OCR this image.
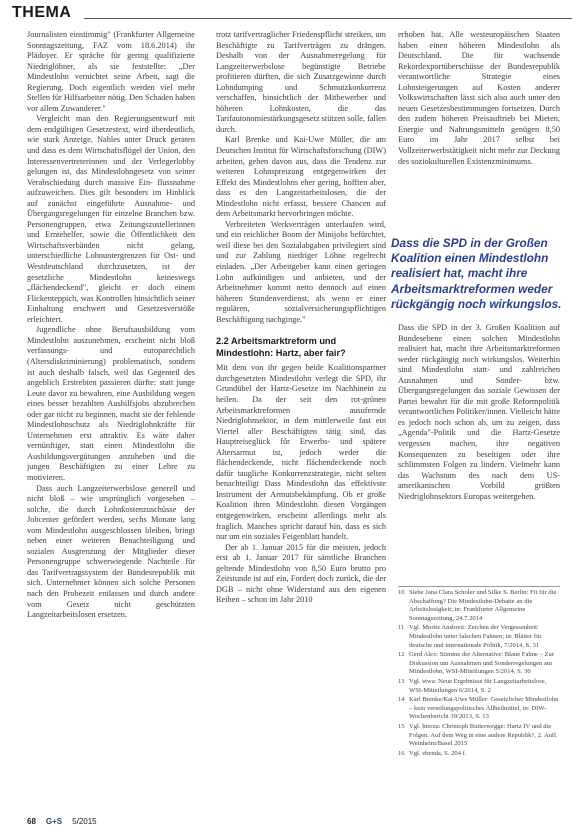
THEMA

Journalisten einstimmig" (Frankfurter Allgemeine Sonntagszeitung, FAZ vom 18.6.2014) ihr Plädoyer. Er spräche für gering qualifizierte Niedriglöhner, als sie feststellte: „Der Mindestlohn vernichtet seine Arbeit, sagt die Regierung. Doch eigentlich werden viel mehr Stellen für Hilfsarbeiter nötig. Den Schaden haben vor allem Zuwanderer."

Vergleicht man den Regierungsentwurf mit dem endgültigen Gesetzestext, wird überdeutlich, wie stark Anzeige, Nahles unter Druck geraten und dass es dem Wirtschaftsflügel der Union, den Interessenvertreterinnen und der Verlegerlobby gelungen ist, das Mindestlohngesetz von seiner Verabschiedung durch massive Ein- flussnahme aufzuweichen. Dies gilt besonders im Hinblick auf zunächst eingeführte Ausnahme- und Übergangsregelungen für einzelne Branchen bzw. Personengruppen, etwa Zeitungszustellerinnen und Erntehelfer, sowie die Öffentlichkeit den Wirtschaftsverbänden nicht gelang, unterschiedliche Lohnuntergrenzen für Ost- und Westdeutschland durchzusetzen, ist der gesetzliche Mindestlohn keineswegs „flächendeckend", gleicht er doch einem Flickenteppich, was Kontrollen hinsichtlich seiner Einhaltung erschwert und Gesetzesverstöße erleichtert.

Jugendliche ohne Berufsausbildung vom Mindestlohn auszunehmen, erscheint nicht bloß verfassungs- und europarechtlich (Altersdiskriminierung) problematisch, sondern ist auch deshalb falsch, weil das Gegenteil des angeblich Erstrebten passieren dürfte: statt junge Leute davor zu bewahren, eine Ausbildung wegen eines besser bezahlten Aushilfsjobs abzubrechen oder gar nicht zu beginnen, macht sie der fehlende Mindestlohnschutz als Niedriglohnkräfte für Unternehmen erst attraktiv. Es wäre daher vernünftiger, statt einen Mindestlohn die Ausbildungsvergütungen anzuheben und die jungen Beschäftigten zu einer Lehre zu motivieren.

Dass auch Langzeiterwerbslose generell und nicht bloß – wie ursprünglich vorgesehen – solche, die durch Lohnkostenzuschüsse der Jobcenter gefördert werden, sechs Monate lang vom Mindestlohn ausgeschlossen bleiben, bringt neben einer weiteren Benachteiligung und sozialen Ausgrenzung der Mitglieder dieser Personengruppe schwerwiegende Nachteile für das Tarifvertragssystem der Bundesrepublik mit sich. Unternehmer können sich solche Personen nach den Probezeit entlassen und durch andere vom Gesetz nicht geschützten Langzeitarbeitslosen ersetzen.

trotz tarifvertraglicher Friedenspflicht streiken, um Beschäftigte zu Tarifverträgen zu drängen. Deshalb von der Ausnahmeregelung für Langzeiterwerbslose begünstigte Betriebe profitieren dürften, die sich Zusatzgewinne durch Lohndumping und Schmutzkonkurrenz verschaffen, hinsichtlich der Mitbewerber und höheren Lohnkosten, die das Tarifautonomiestärkungsgesetz stützen solle, fallen durch.

Karl Brenke und Kai-Uwe Müller, die am Deutschen Institut für Wirtschaftsforschung (DIW) arbeiten, gehen davon aus, dass die Tendenz zur weiteren Lohnspreizung entgegenwirken der Effekt des Mindestlohns eher gering, hofften aber, dass es den Langzeitarbeitslosen, die der Mindestlohn nicht erfasst, bessere Chancen auf dem Arbeitsmarkt hervorbringen möchte.

Verbreiteten Werkverträgen unterlaufen wird, und ein reichlicher Boom der Minijobs befürchtet, weil diese bei den Sozialabgaben privilegiert sind und zur Zahlung niedriger Löhne regelrecht einladen. „Der Arbeitgeber kann einen geringen Lohn aufkündigen und anbieten, und der Arbeitnehmer kommt netto dennoch auf einen höheren Stundenverdienst, als wenn er einer regulären, sozialversicherungspflichtigen Beschäftigung nachginge."

2.2 Arbeitsmarktreform und Mindestlohn: Hartz, aber fair?

Mit dem von ihr gegen beide Koalitionspartner durchgesetzten Mindestlohn verlegt die SPD, ihr Grundübel der Hartz-Gesetze im Nachhinein zu heilen. Da der seit den rot-grünen Arbeitsmarktreformen ausufernde Niedriglohnsektor, in dem mittlerweile fast ein Viertel aller Beschäftigten tätig sind, das Hauptreiseglück für Erwerbs- und spätere Altersarmut ist, jedoch weder die flächendeckende, nicht flächendeckende noch dafür taugliche Konkurrenzstrategie, nicht selten benachteiligt Dass Mindestlohn das effektivste Instrument der Armutsbekämpfung. Ob er große Koalition ihren Mindestlohn diesen Vorgängen entgegenwirken, erscheint allerdings mehr als fraglich. Manches spricht darauf hin, dass es sich nur um ein soziales Feigenblatt handelt.

Der ab 1. Januar 2015 für die meisten, jedoch erst ab 1. Januar 2017 für sämtliche Branchen geltende Mindestlohn von 8,50 Euro brutto pro Zeitstunde ist auf ein, Fordert doch zurück, die der DGB – nicht ohne Widerstand aus den eigenen Reihen – schon im Jahr 2010

erhoben hat. Alle westeuropäischen Staaten haben einen höheren Mindestlohn als Deutschland. Die für wachsende Rekordexportüberschüsse der Bundesrepublik verantwortliche Strategie eines Lohnsteigerungen auf Kosten anderer Volkswirtschaften lässt sich also auch unter den neuen Gesetzesbestimmungen fortsetzen. Durch den zudem höheren Preisauftrieb bei Mieten, Energie und Nahrungsmitteln genügen 8,50 Euro im Jahr 2017 selbst bei Vollzeiterwerbstätigkeit nicht mehr zur Deckung des soziokulturellen Existenzminimums.

Dass die SPD in der Großen Koalition einen Mindestlohn realisiert hat, macht ihre Arbeitsmarktreformen weder rückgängig noch wirkungslos.

Dass die SPD in der 3. Großen Koalition auf Bundesebene einen solchen Mindestlohn realisiert hat, macht ihre Arbeitsmarktreformen weder rückgängig noch wirkungslos. Weiterhin sind Mindestlohn statt- und zahlreichen Ausnahmen und Sonder- bzw. Übergangsregelungen das soziale Gewissen der Partei bewahrt für die mit große Reformpolitik verantwortlichen Politiker/innen. Vielleicht hätte es jedoch noch schon ab, um zu zeigen, dass „Agenda"-Politik und die Hartz-Gesetze vergessen machen, ihre negativen Konsequenzen zu beseitigen oder ihre schlimmsten Folgen zu lindern. Vielmehr kann das Wachstum des nach dem US-amerikanischen Vorbild größten Niedriglohnsektors Europas weitergehen.

10 Siehe Jana Clara Scholer und Silke S. Berlin: Fit für die Abschaffung? Die Mindestlohn-Debatte an die Arbeitslosigkeit; in: Frankfurter Allgemeine Sonntagszeitung, 24.7.2014
11 Vgl. Moritz Ansbreit: Zeichen der Vergessenheit: Mindestlohn unter falschen Fahnen; in: Blätter für deutsche und internationale Politik, 7/2014, S. 31
12 Gerd Alex: Stimme der Alternative: Blaue Fahne – Zur Diskussion um Ausnahmen und Sonderregelungen am Mindestlohn, WSI-Mitteilungen 5/2014, S. 30
13 Vgl. etwa: Neue Ergebnisse für Langzeitarbeitslose, WSI-Mitteilungen 6/2014, S. 2
14 Karl Brenke/Kai-Uwe Müller: Gesetzlicher Mindestlohn – kein verteilungspolitisches Allheilmittel, in: DIW-Wochenbericht 39/2013, S. 13
15 Vgl. hierzu: Christoph Butterwegge: Hartz IV und die Folgen. Auf dem Weg in eine andere Republik?, 2. Aufl. Weinheim/Basel 2015
16 Vgl. ebenda, S. 204 f.
68 G+S 5/2015
